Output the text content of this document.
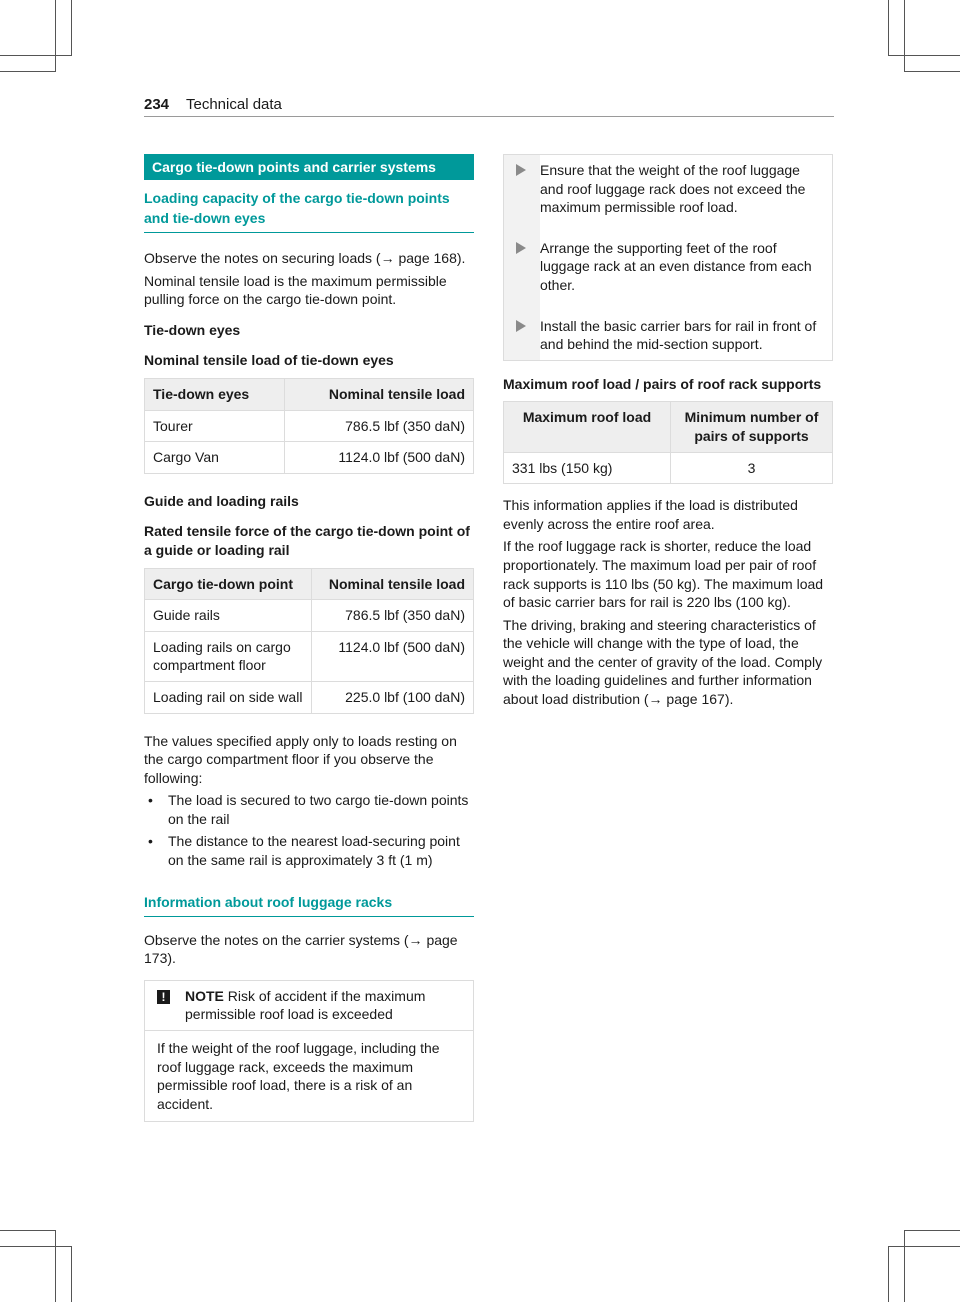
234 Technical data
Cargo tie-down points and carrier systems
Loading capacity of the cargo tie-down points and tie-down eyes

Observe the notes on securing loads (→ page 168).

Nominal tensile load is the maximum permissible pulling force on the cargo tie-down point.

Tie-down eyes

Nominal tensile load of tie-down eyes

Tie-down eyes	Nominal tensile load
Tourer	786.5 lbf (350 daN)
Cargo Van	1124.0 lbf (500 daN)

Guide and loading rails

Rated tensile force of the cargo tie-down point of a guide or loading rail

Cargo tie-down point	Nominal tensile load
Guide rails	786.5 lbf (350 daN)
Loading rails on cargo compartment floor	1124.0 lbf (500 daN)
Loading rail on side wall	225.0 lbf (100 daN)

The values specified apply only to loads resting on the cargo compartment floor if you observe the following:

• The load is secured to two cargo tie-down points on the rail
• The distance to the nearest load-securing point on the same rail is approximately 3 ft (1 m)
Information about roof luggage racks

Observe the notes on the carrier systems (→ page 173).

!	NOTE Risk of accident if the maximum permissible roof load is exceeded
If the weight of the roof luggage, including the roof luggage rack, exceeds the maximum permissible roof load, there is a risk of an accident.
Ensure that the weight of the roof luggage and roof luggage rack does not exceed the maximum permissible roof load.
Arrange the supporting feet of the roof luggage rack at an even distance from each other.
Install the basic carrier bars for rail in front of and behind the mid-section support.

Maximum roof load / pairs of roof rack supports

Maximum roof load	Minimum number of pairs of supports
331 lbs (150 kg)	3

This information applies if the load is distributed evenly across the entire roof area.

If the roof luggage rack is shorter, reduce the load proportionately. The maximum load per pair of roof rack supports is 110 lbs (50 kg). The maximum load of basic carrier bars for rail is 220 lbs (100 kg).

The driving, braking and steering characteristics of the vehicle will change with the type of load, the weight and the center of gravity of the load. Comply with the loading guidelines and further information about load distribution (→ page 167).
